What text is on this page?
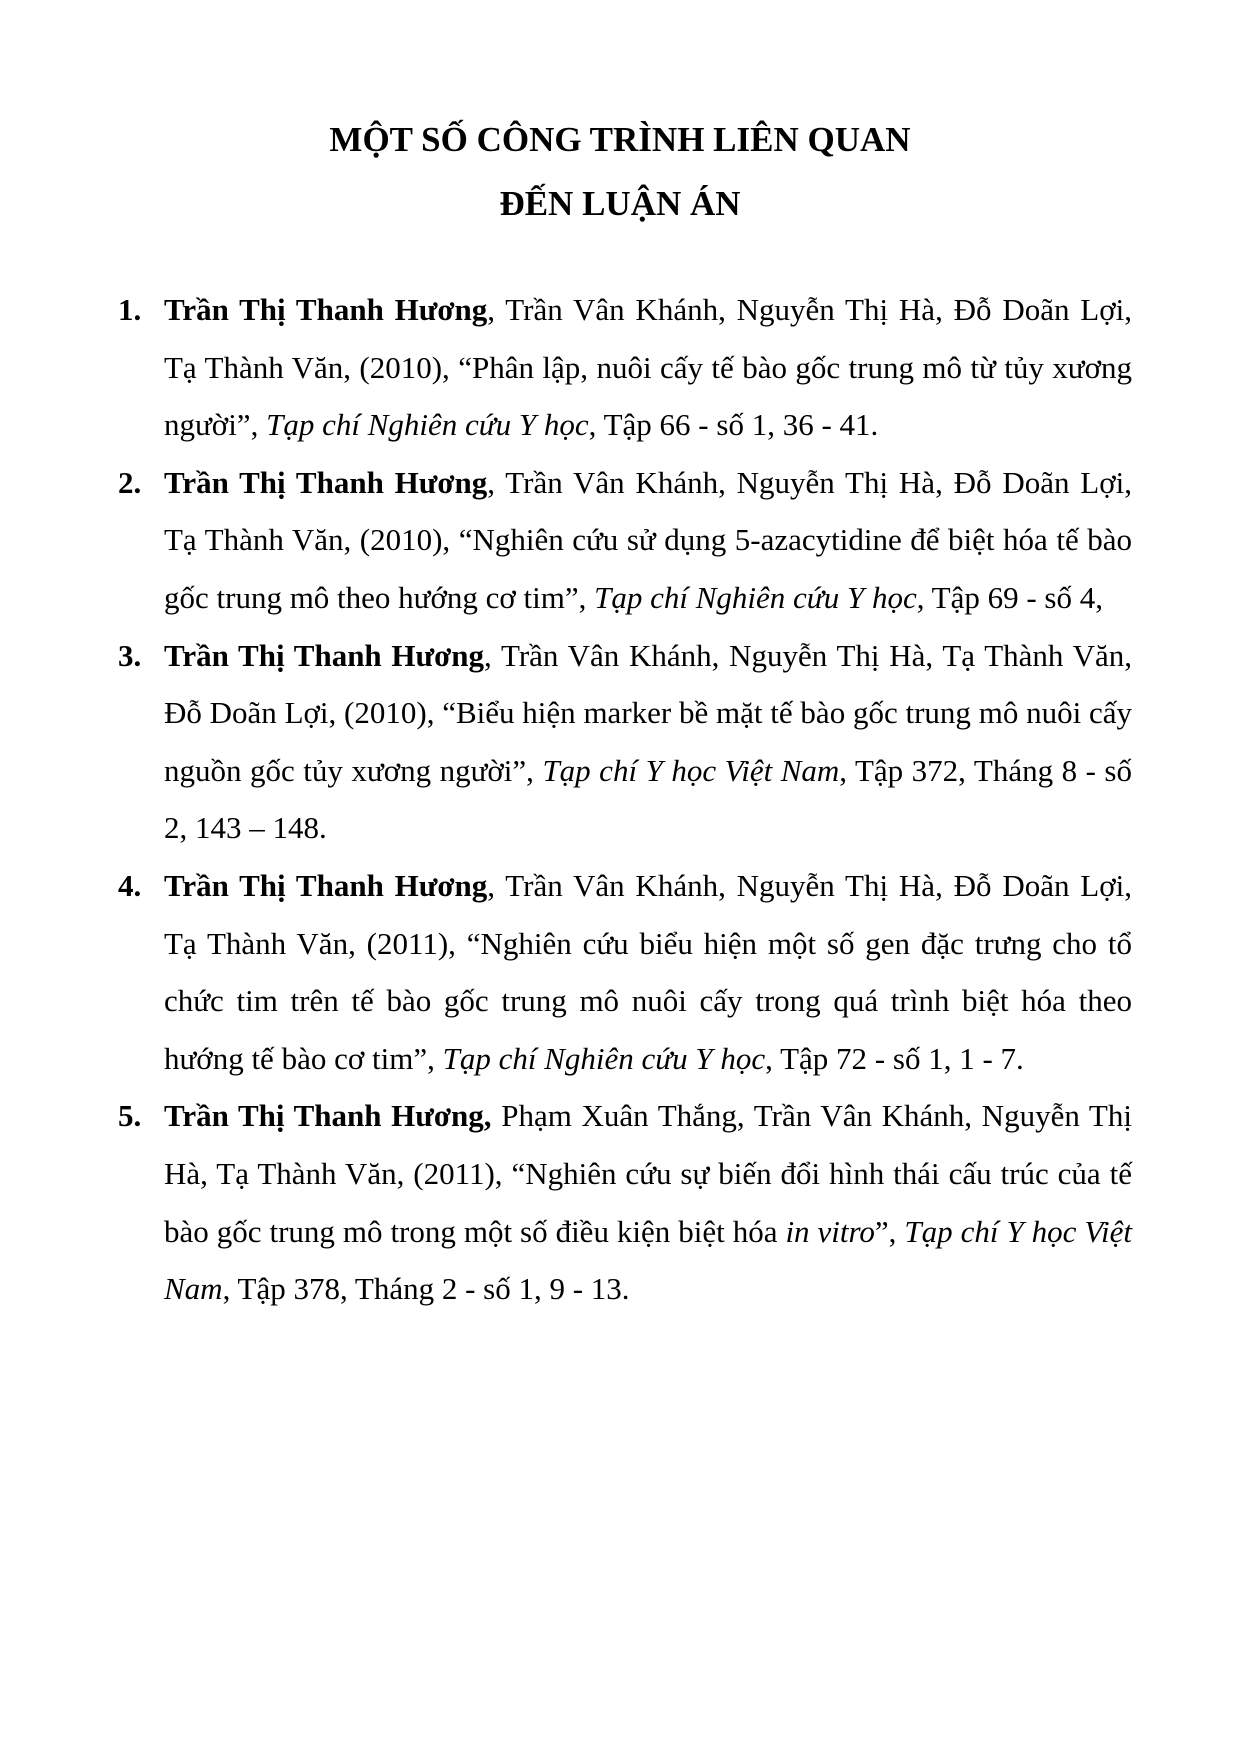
MỘT SỐ CÔNG TRÌNH LIÊN QUAN
ĐẾN LUẬN ÁN
1. Trần Thị Thanh Hương, Trần Vân Khánh, Nguyễn Thị Hà, Đỗ Doãn Lợi, Tạ Thành Văn, (2010), “Phân lập, nuôi cấy tế bào gốc trung mô từ tủy xương người”, Tạp chí Nghiên cứu Y học, Tập 66 - số 1, 36 - 41.
2. Trần Thị Thanh Hương, Trần Vân Khánh, Nguyễn Thị Hà, Đỗ Doãn Lợi, Tạ Thành Văn, (2010), “Nghiên cứu sử dụng 5-azacytidine để biệt hóa tế bào gốc trung mô theo hướng cơ tim”, Tạp chí Nghiên cứu Y học, Tập 69 - số 4,
3. Trần Thị Thanh Hương, Trần Vân Khánh, Nguyễn Thị Hà, Tạ Thành Văn, Đỗ Doãn Lợi, (2010), “Biểu hiện marker bề mặt tế bào gốc trung mô nuôi cấy nguồn gốc tủy xương người”, Tạp chí Y học Việt Nam, Tập 372, Tháng 8 - số 2, 143 – 148.
4. Trần Thị Thanh Hương, Trần Vân Khánh, Nguyễn Thị Hà, Đỗ Doãn Lợi, Tạ Thành Văn, (2011), “Nghiên cứu biểu hiện một số gen đặc trưng cho tổ chức tim trên tế bào gốc trung mô nuôi cấy trong quá trình biệt hóa theo hướng tế bào cơ tim”, Tạp chí Nghiên cứu Y học, Tập 72 - số 1, 1 - 7.
5. Trần Thị Thanh Hương, Phạm Xuân Thắng, Trần Vân Khánh, Nguyễn Thị Hà, Tạ Thành Văn, (2011), “Nghiên cứu sự biến đổi hình thái cấu trúc của tế bào gốc trung mô trong một số điều kiện biệt hóa in vitro”, Tạp chí Y học Việt Nam, Tập 378, Tháng 2 - số 1, 9 - 13.
